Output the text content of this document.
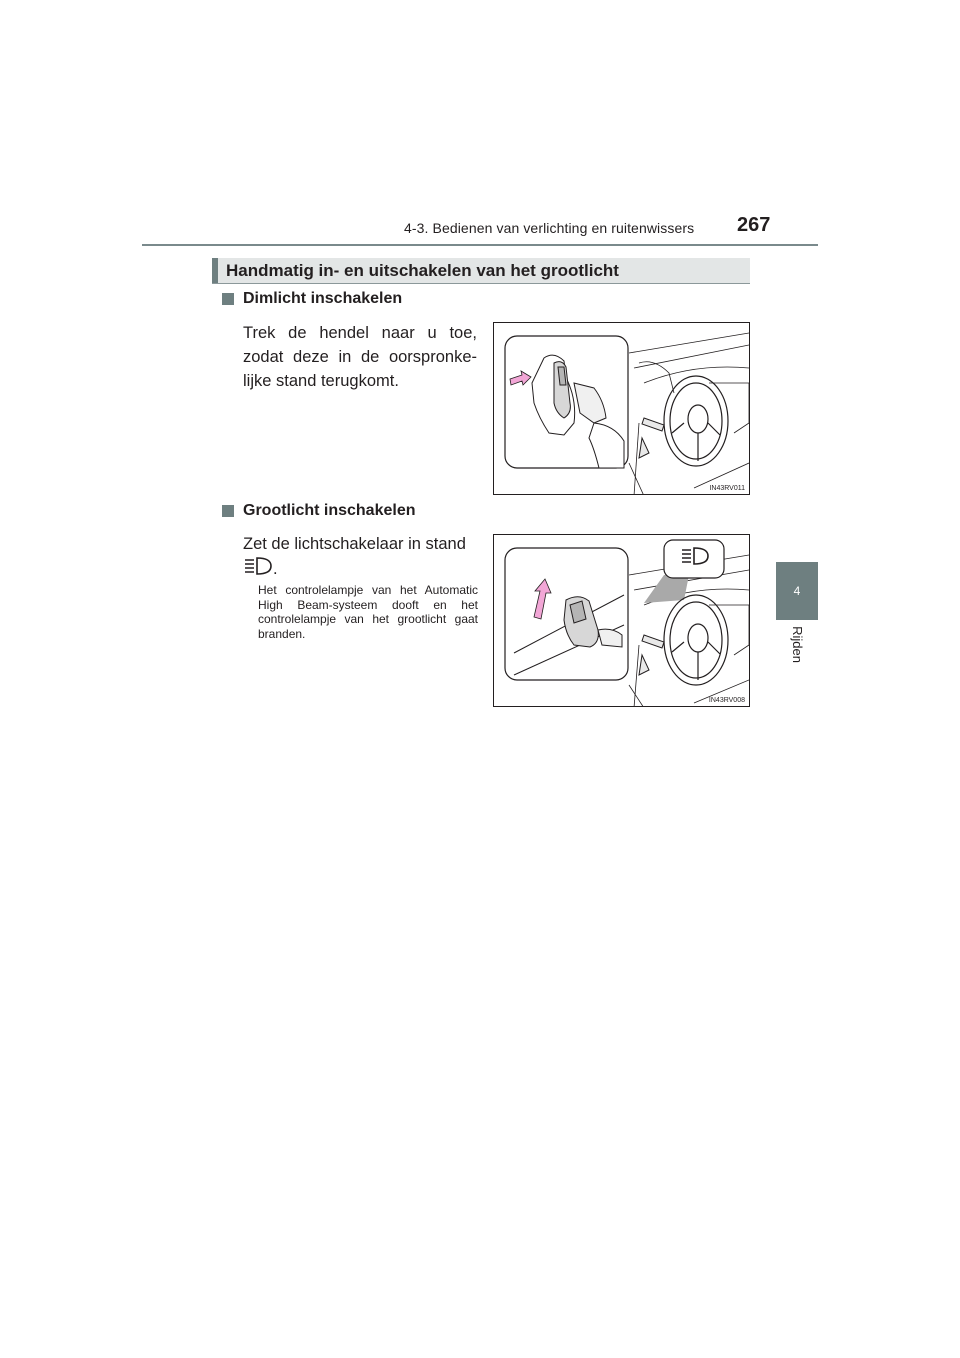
4-3. Bedienen van verlichting en ruitenwissers 267
4
Rijden
Handmatig in- en uitschakelen van het grootlicht
Dimlicht inschakelen
Trek de hendel naar u toe, zodat deze in de oorspronke-lijke stand terugkomt.
IN43RV011
Grootlicht inschakelen
Zet de lichtschakelaar in stand
.
Het controlelampje van het Automatic High Beam-systeem dooft en het controlelampje van het grootlicht gaat branden.
IN43RV008
